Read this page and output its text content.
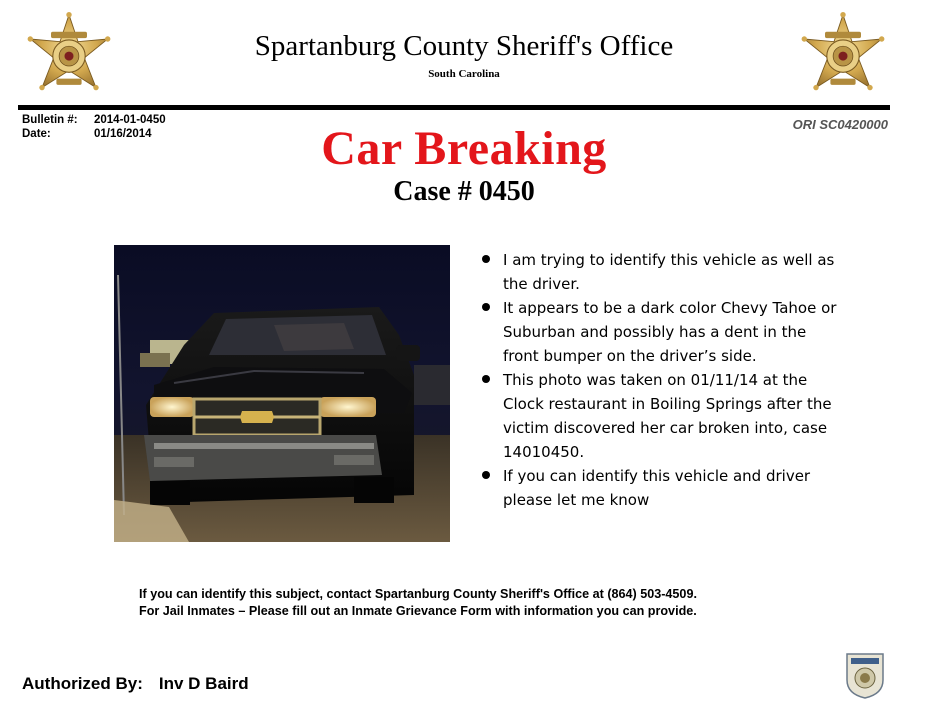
Spartanburg County Sheriff's Office
South Carolina
Bulletin #: 2014-01-0450
Date:	01/16/2014
ORI SC0420000
Car Breaking
Case # 0450
I am trying to identify this vehicle as well as the driver.
It appears to be a dark color Chevy Tahoe or Suburban and possibly has a dent in the front bumper on the driver’s side.
This photo was taken on 01/11/14 at the Clock restaurant in Boiling Springs after the victim discovered her car broken into, case 14010450.
If you can identify this vehicle and driver please let me know
If you can identify this subject, contact Spartanburg County Sheriff's Office at (864) 503-4509.
For Jail Inmates – Please fill out an Inmate Grievance Form with information you can provide.
Authorized By: Inv D Baird
